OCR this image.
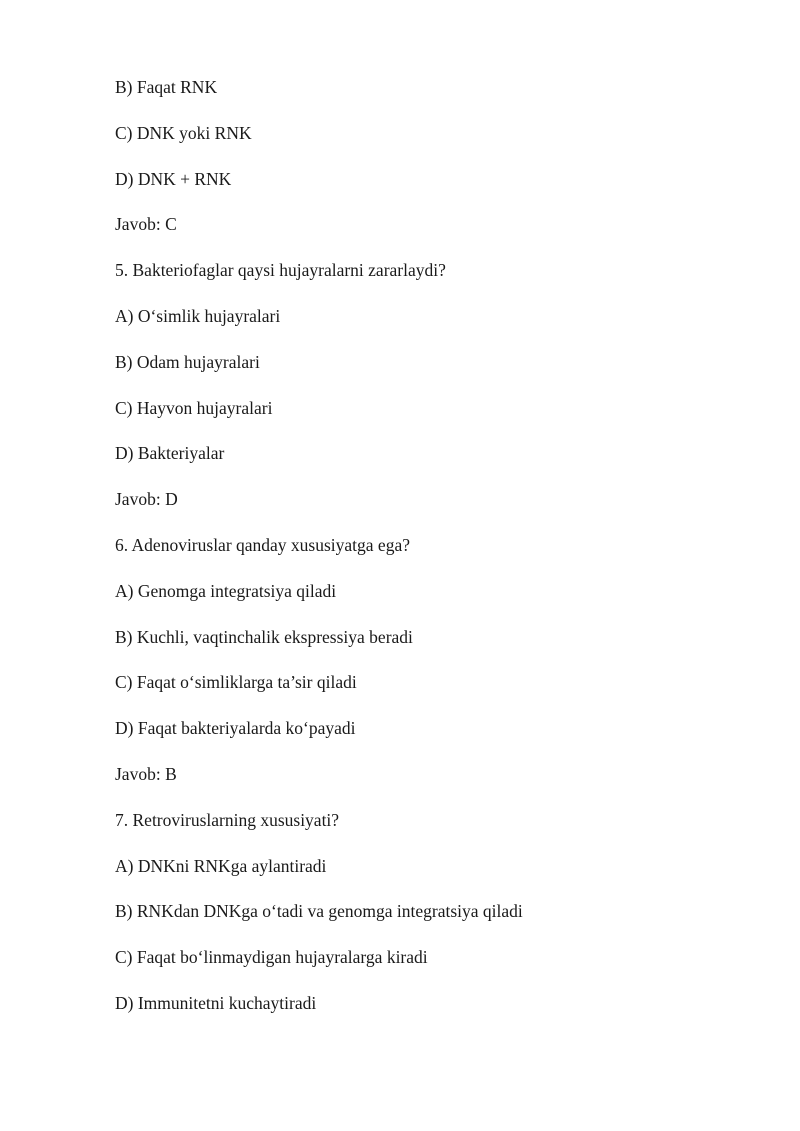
B) Faqat RNK
C) DNK yoki RNK
D) DNK + RNK
Javob: C
5. Bakteriofaglar qaysi hujayralarni zararlaydi?
A) O‘simlik hujayralari
B) Odam hujayralari
C) Hayvon hujayralari
D) Bakteriyalar
Javob: D
6. Adenoviruslar qanday xususiyatga ega?
A) Genomga integratsiya qiladi
B) Kuchli, vaqtinchalik ekspressiya beradi
C) Faqat o‘simliklarga ta’sir qiladi
D) Faqat bakteriyalarda ko‘payadi
Javob: B
7. Retroviruslarning xususiyati?
A) DNKni RNKga aylantiradi
B) RNKdan DNKga o‘tadi va genomga integratsiya qiladi
C) Faqat bo‘linmaydigan hujayralarga kiradi
D) Immunitetni kuchaytiradi
